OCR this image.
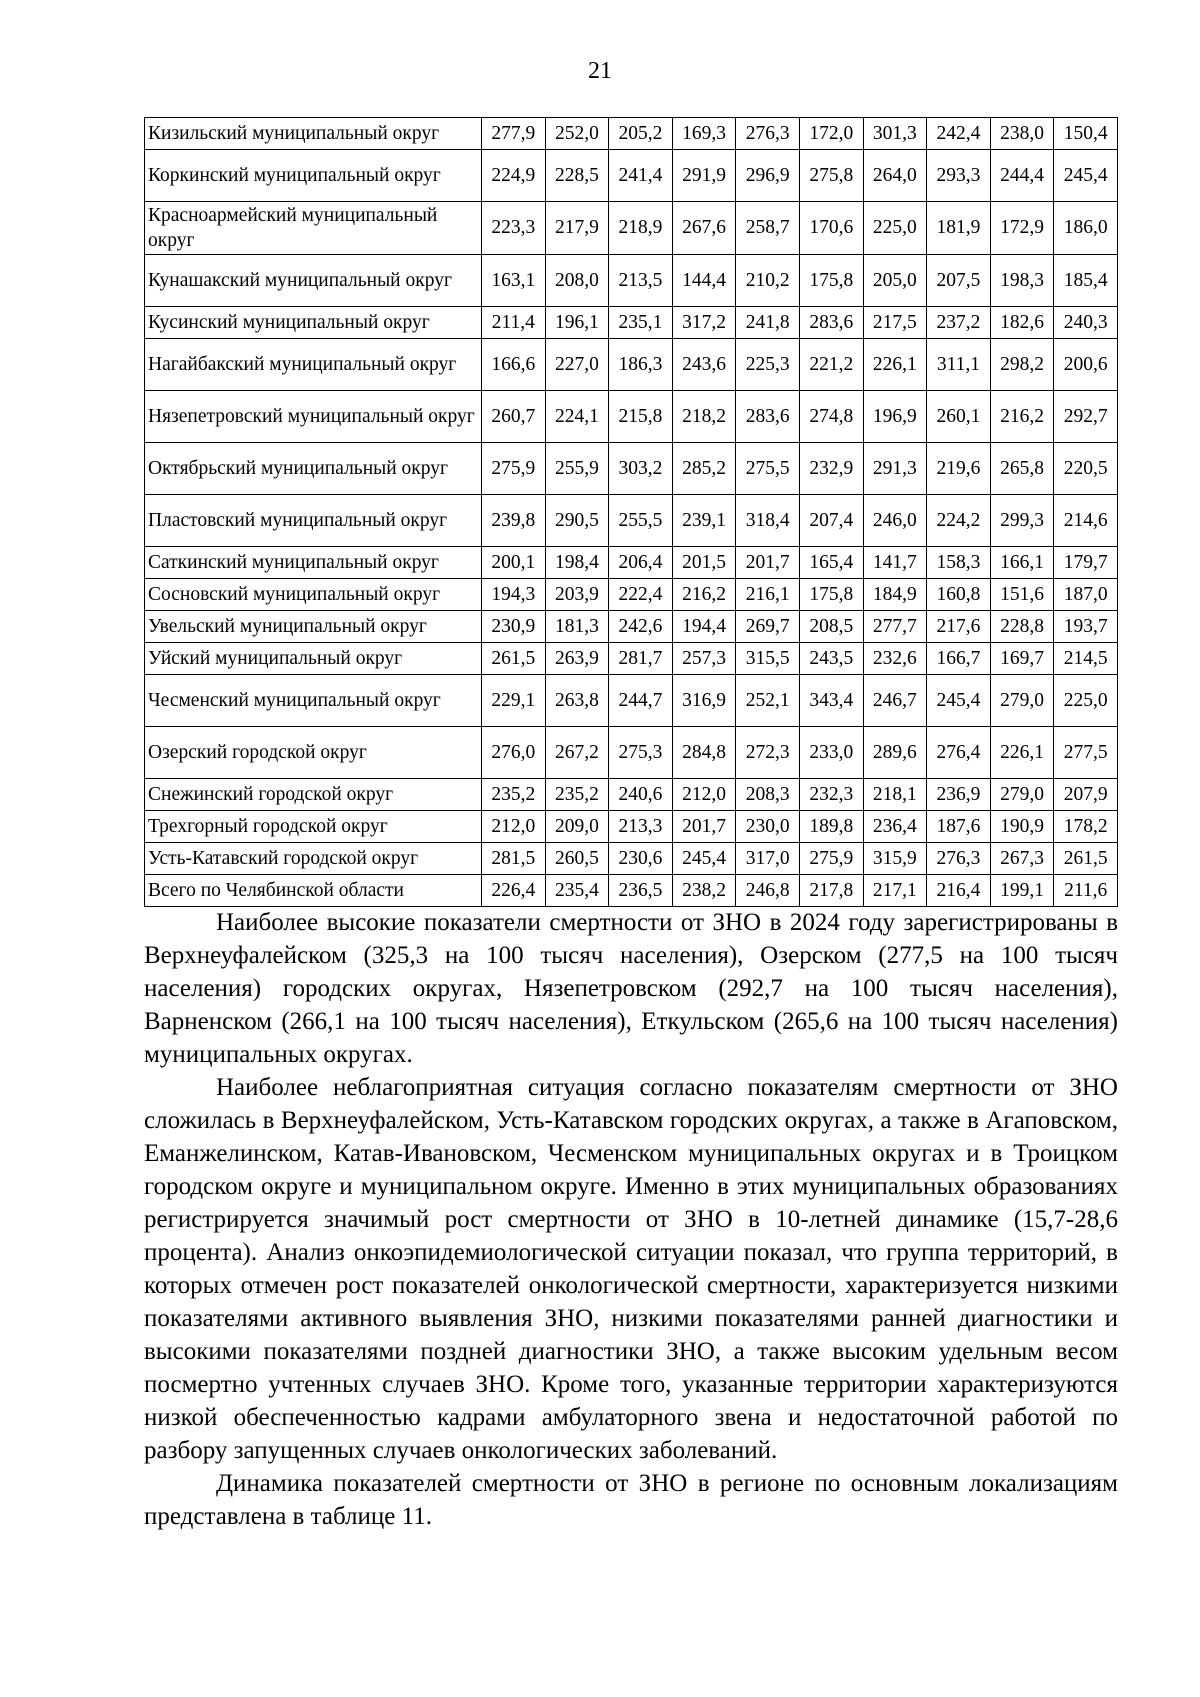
21
Кизильский муниципальный округ	277,9	252,0	205,2	169,3	276,3	172,0	301,3	242,4	238,0	150,4
Коркинский муниципальный округ	224,9	228,5	241,4	291,9	296,9	275,8	264,0	293,3	244,4	245,4
Красноармейский муниципальный округ	223,3	217,9	218,9	267,6	258,7	170,6	225,0	181,9	172,9	186,0
Кунашакский муниципальный округ	163,1	208,0	213,5	144,4	210,2	175,8	205,0	207,5	198,3	185,4
Кусинский муниципальный округ	211,4	196,1	235,1	317,2	241,8	283,6	217,5	237,2	182,6	240,3
Нагайбакский муниципальный округ	166,6	227,0	186,3	243,6	225,3	221,2	226,1	311,1	298,2	200,6
Нязепетровский муниципальный округ	260,7	224,1	215,8	218,2	283,6	274,8	196,9	260,1	216,2	292,7
Октябрьский муниципальный округ	275,9	255,9	303,2	285,2	275,5	232,9	291,3	219,6	265,8	220,5
Пластовский муниципальный округ	239,8	290,5	255,5	239,1	318,4	207,4	246,0	224,2	299,3	214,6
Саткинский муниципальный округ	200,1	198,4	206,4	201,5	201,7	165,4	141,7	158,3	166,1	179,7
Сосновский муниципальный округ	194,3	203,9	222,4	216,2	216,1	175,8	184,9	160,8	151,6	187,0
Увельский муниципальный округ	230,9	181,3	242,6	194,4	269,7	208,5	277,7	217,6	228,8	193,7
Уйский муниципальный округ	261,5	263,9	281,7	257,3	315,5	243,5	232,6	166,7	169,7	214,5
Чесменский муниципальный округ	229,1	263,8	244,7	316,9	252,1	343,4	246,7	245,4	279,0	225,0
Озерский городской округ	276,0	267,2	275,3	284,8	272,3	233,0	289,6	276,4	226,1	277,5
Снежинский городской округ	235,2	235,2	240,6	212,0	208,3	232,3	218,1	236,9	279,0	207,9
Трехгорный городской округ	212,0	209,0	213,3	201,7	230,0	189,8	236,4	187,6	190,9	178,2
Усть-Катавский городской округ	281,5	260,5	230,6	245,4	317,0	275,9	315,9	276,3	267,3	261,5
Всего по Челябинской области	226,4	235,4	236,5	238,2	246,8	217,8	217,1	216,4	199,1	211,6

Наиболее высокие показатели смертности от ЗНО в 2024 году зарегистрированы в Верхнеуфалейском (325,3 на 100 тысяч населения), Озерском (277,5 на 100 тысяч населения) городских округах, Нязепетровском (292,7 на 100 тысяч населения), Варненском (266,1 на 100 тысяч населения), Еткульском (265,6 на 100 тысяч населения) муниципальных округах.

Наиболее неблагоприятная ситуация согласно показателям смертности от ЗНО сложилась в Верхнеуфалейском, Усть-Катавском городских округах, а также в Агаповском, Еманжелинском, Катав-Ивановском, Чесменском муниципальных округах и в Троицком городском округе и муниципальном округе. Именно в этих муниципальных образованиях регистрируется значимый рост смертности от ЗНО в 10-летней динамике (15,7-28,6 процента). Анализ онкоэпидемиологической ситуации показал, что группа территорий, в которых отмечен рост показателей онкологической смертности, характеризуется низкими показателями активного выявления ЗНО, низкими показателями ранней диагностики и высокими показателями поздней диагностики ЗНО, а также высоким удельным весом посмертно учтенных случаев ЗНО. Кроме того, указанные территории характеризуются низкой обеспеченностью кадрами амбулаторного звена и недостаточной работой по разбору запущенных случаев онкологических заболеваний.

Динамика показателей смертности от ЗНО в регионе по основным локализациям представлена в таблице 11.
